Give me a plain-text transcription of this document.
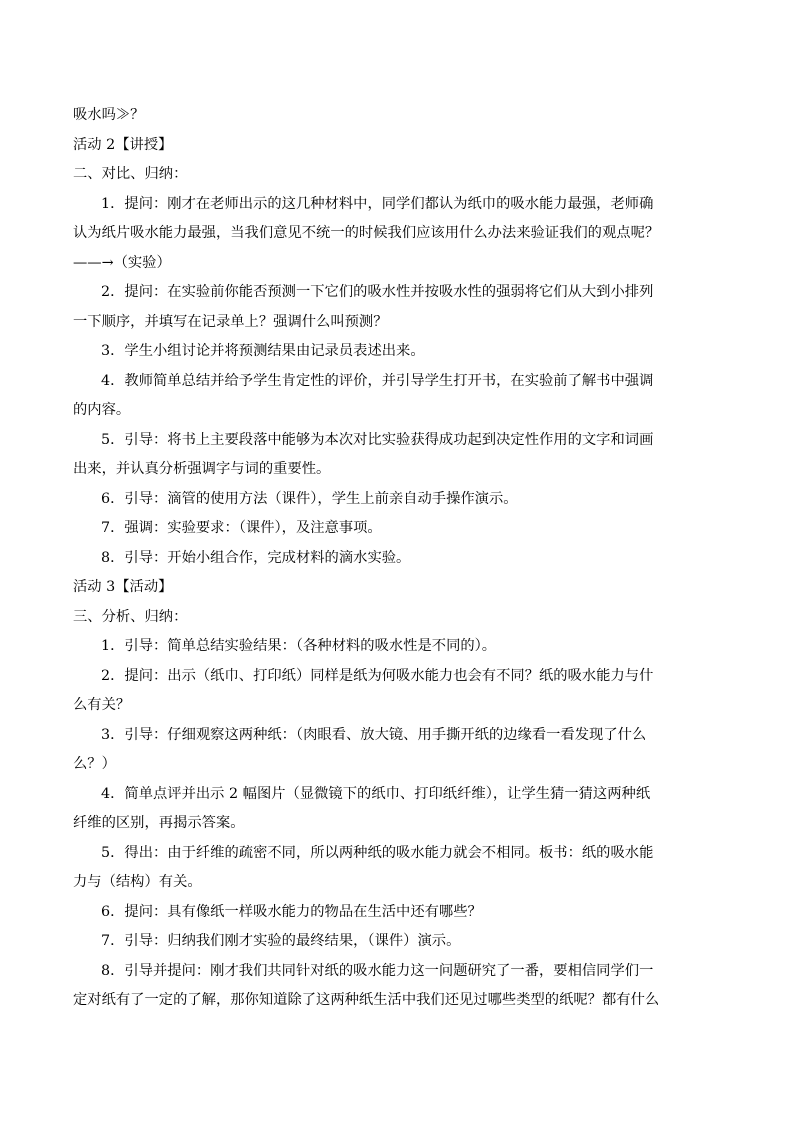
吸水吗≫？
活动 2【讲授】
二、对比、归纳：
1．提问：刚才在老师出示的这几种材料中，同学们都认为纸巾的吸水能力最强，老师确
认为纸片吸水能力最强，当我们意见不统一的时候我们应该用什么办法来验证我们的观点呢？
——→（实验）
2．提问：在实验前你能否预测一下它们的吸水性并按吸水性的强弱将它们从大到小排列
一下顺序，并填写在记录单上？强调什么叫预测？
3．学生小组讨论并将预测结果由记录员表述出来。
4．教师简单总结并给予学生肯定性的评价，并引导学生打开书，在实验前了解书中强调
的内容。
5．引导：将书上主要段落中能够为本次对比实验获得成功起到决定性作用的文字和词画
出来，并认真分析强调字与词的重要性。
6．引导：滴管的使用方法（课件），学生上前亲自动手操作演示。
7．强调：实验要求：（课件），及注意事项。
8．引导：开始小组合作，完成材料的滴水实验。
活动 3【活动】
三、分析、归纳：
1．引导：简单总结实验结果：（各种材料的吸水性是不同的）。
2．提问：出示（纸巾、打印纸）同样是纸为何吸水能力也会有不同？纸的吸水能力与什
么有关？
3．引导：仔细观察这两种纸：（肉眼看、放大镜、用手撕开纸的边缘看一看发现了什么
么？）
4．简单点评并出示 2 幅图片（显微镜下的纸巾、打印纸纤维），让学生猜一猜这两种纸
纤维的区别，再揭示答案。
5．得出：由于纤维的疏密不同，所以两种纸的吸水能力就会不相同。板书：纸的吸水能
力与（结构）有关。
6．提问：具有像纸一样吸水能力的物品在生活中还有哪些？
7．引导：归纳我们刚才实验的最终结果，（课件）演示。
8．引导并提问：刚才我们共同针对纸的吸水能力这一问题研究了一番，要相信同学们一
定对纸有了一定的了解，那你知道除了这两种纸生活中我们还见过哪些类型的纸呢？都有什么
